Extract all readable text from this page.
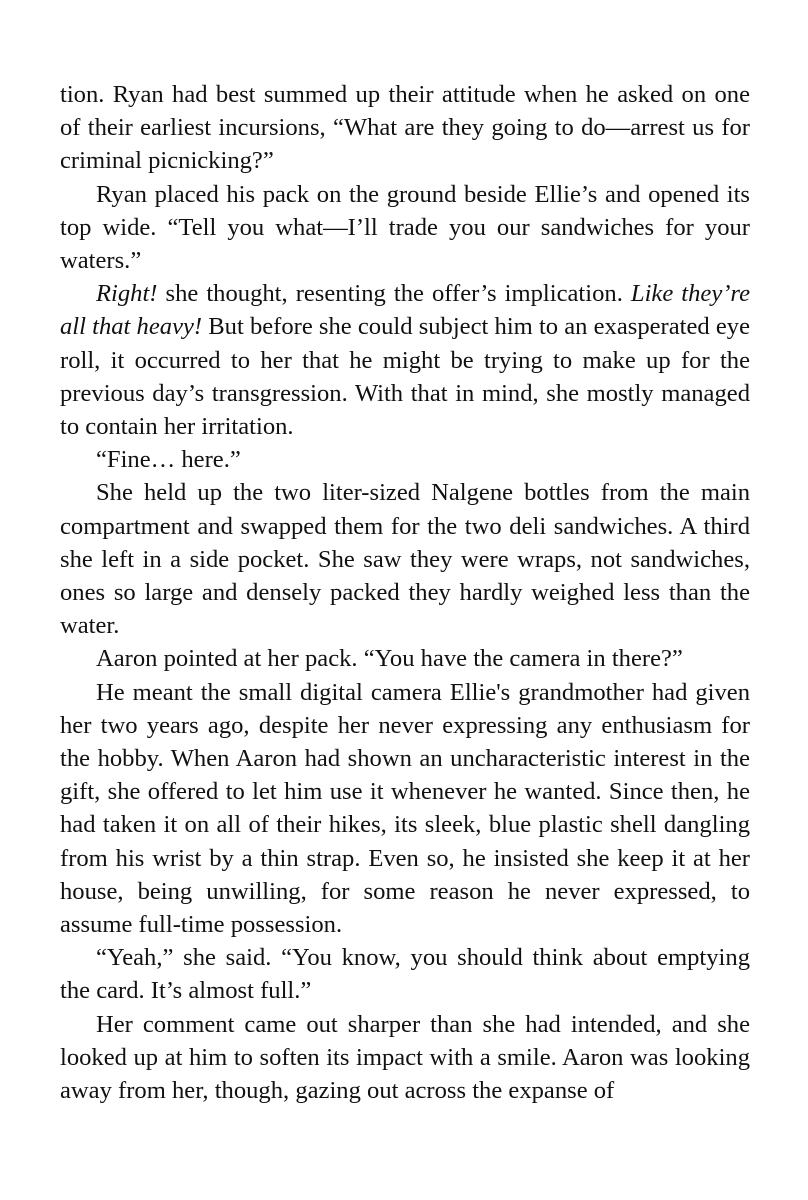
tion. Ryan had best summed up their attitude when he asked on one of their earliest incursions, “What are they going to do—arrest us for criminal picnicking?”

Ryan placed his pack on the ground beside Ellie’s and opened its top wide. “Tell you what—I’ll trade you our sandwiches for your waters.”

Right! she thought, resenting the offer’s implication. Like they’re all that heavy! But before she could subject him to an exasperated eye roll, it occurred to her that he might be trying to make up for the previous day’s transgression. With that in mind, she mostly managed to contain her irritation.

“Fine… here.”

She held up the two liter-sized Nalgene bottles from the main compartment and swapped them for the two deli sandwiches. A third she left in a side pocket. She saw they were wraps, not sandwiches, ones so large and densely packed they hardly weighed less than the water.

Aaron pointed at her pack. “You have the camera in there?”

He meant the small digital camera Ellie's grandmother had given her two years ago, despite her never expressing any enthusiasm for the hobby. When Aaron had shown an uncharacteristic interest in the gift, she offered to let him use it whenever he wanted. Since then, he had taken it on all of their hikes, its sleek, blue plastic shell dangling from his wrist by a thin strap. Even so, he insisted she keep it at her house, being unwilling, for some reason he never expressed, to assume full-time possession.

“Yeah,” she said. “You know, you should think about emptying the card. It’s almost full.”

Her comment came out sharper than she had intended, and she looked up at him to soften its impact with a smile. Aaron was looking away from her, though, gazing out across the expanse of
